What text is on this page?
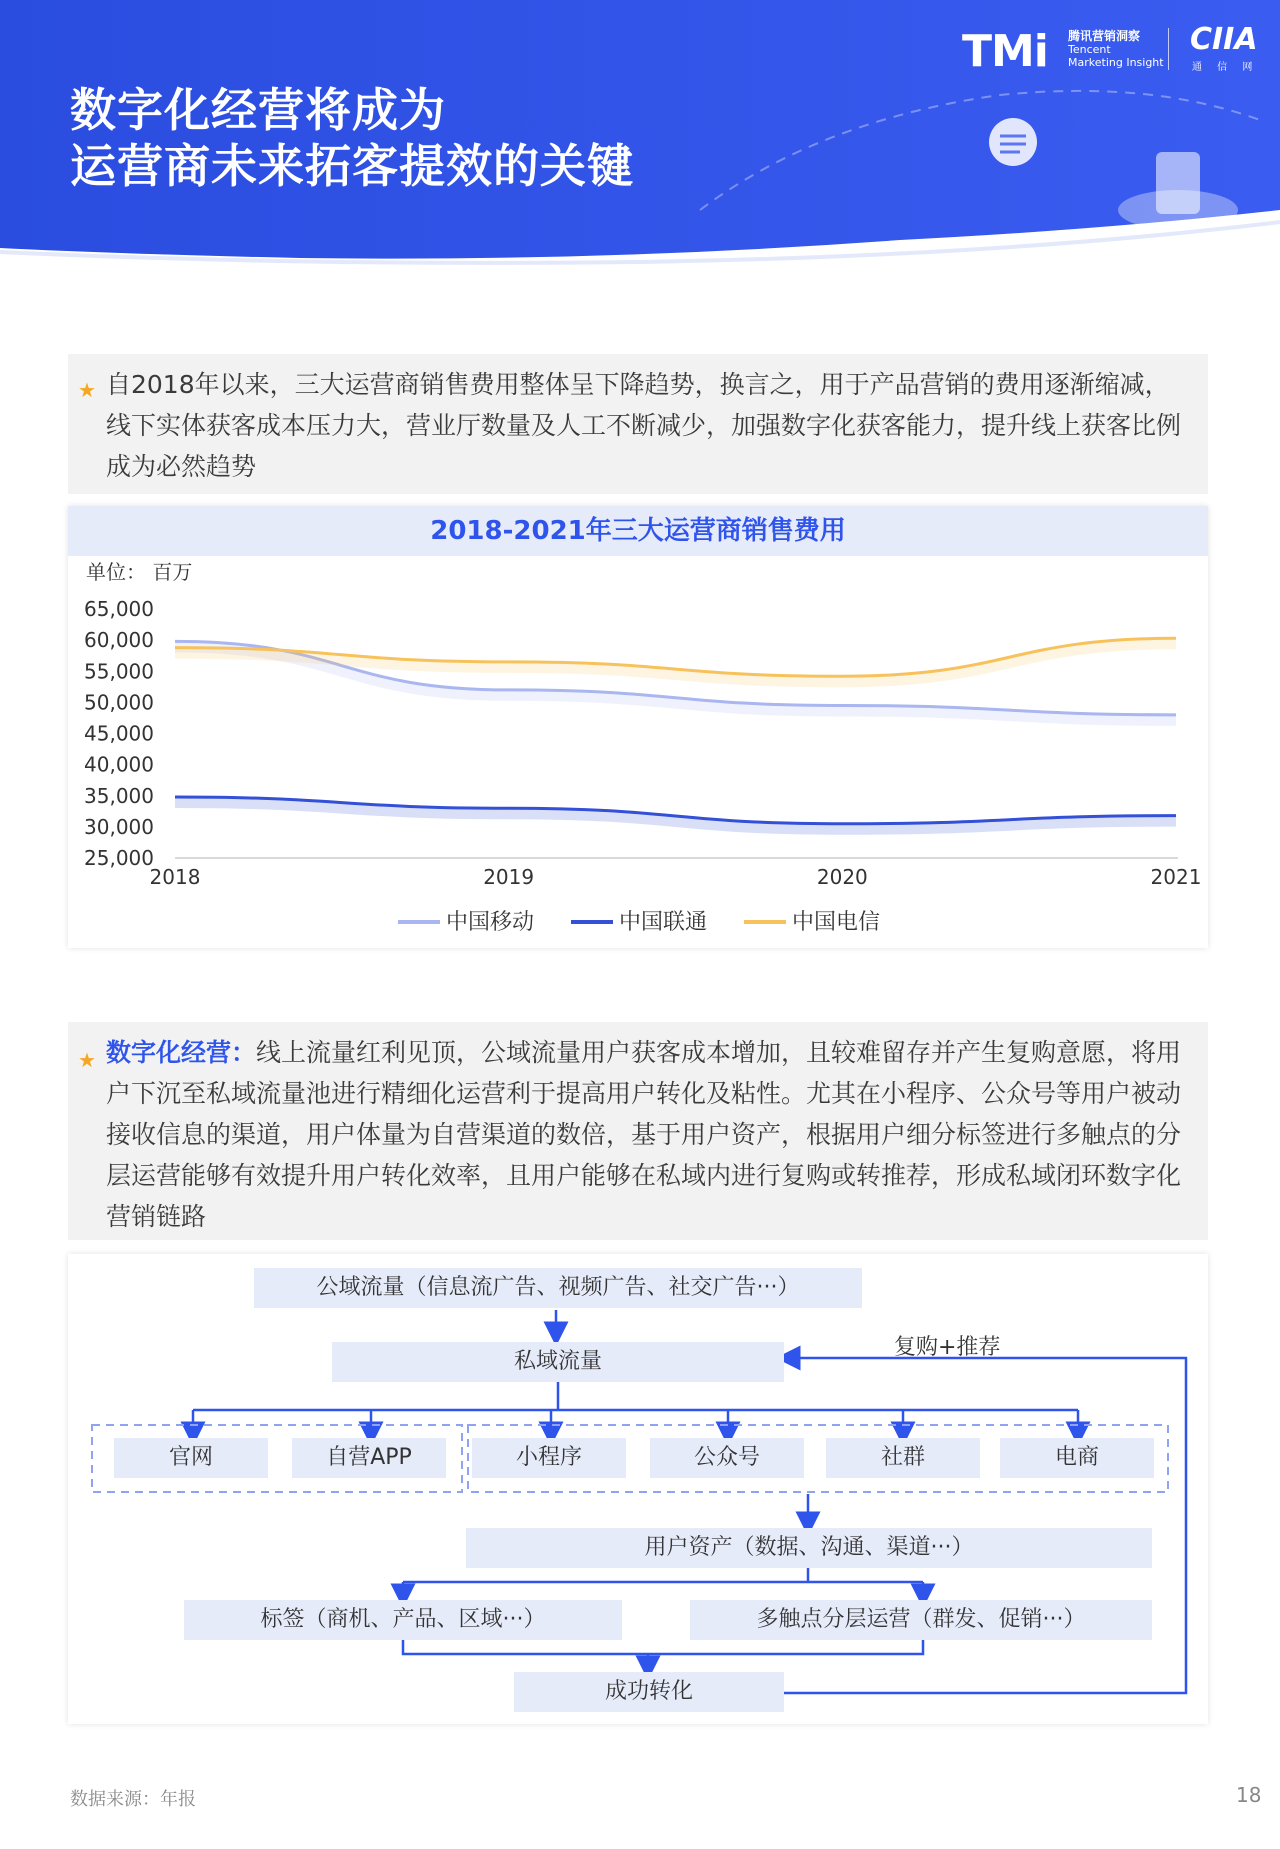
数字化经营将成为
运营商未来拓客提效的关键
TMi 腾讯营销洞察
Tencent
Marketing Insight
CIIA
通 信 网
★ 自2018年以来，三大运营商销售费用整体呈下降趋势，换言之，用于产品营销的费用逐渐缩减，线下实体获客成本压力大，营业厅数量及人工不断减少，加强数字化获客能力，提升线上获客比例成为必然趋势
2018-2021年三大运营商销售费用
单位： 百万
65,000
60,000
55,000
50,000
45,000
40,000
35,000
30,000
25,000
2018	2019	2020	2021
中国移动	中国联通	中国电信
★ 数字化经营：线上流量红利见顶，公域流量用户获客成本增加，且较难留存并产生复购意愿，将用户下沉至私域流量池进行精细化运营利于提高用户转化及粘性。尤其在小程序、公众号等用户被动接收信息的渠道，用户体量为自营渠道的数倍，基于用户资产，根据用户细分标签进行多触点的分层运营能够有效提升用户转化效率，且用户能够在私域内进行复购或转推荐，形成私域闭环数字化营销链路
公域流量（信息流广告、视频广告、社交广告···）
私域流量
复购+推荐
官网	自营APP	小程序	公众号	社群	电商
用户资产（数据、沟通、渠道···）
标签（商机、产品、区域···）	多触点分层运营（群发、促销···）
成功转化
数据来源：年报	18
